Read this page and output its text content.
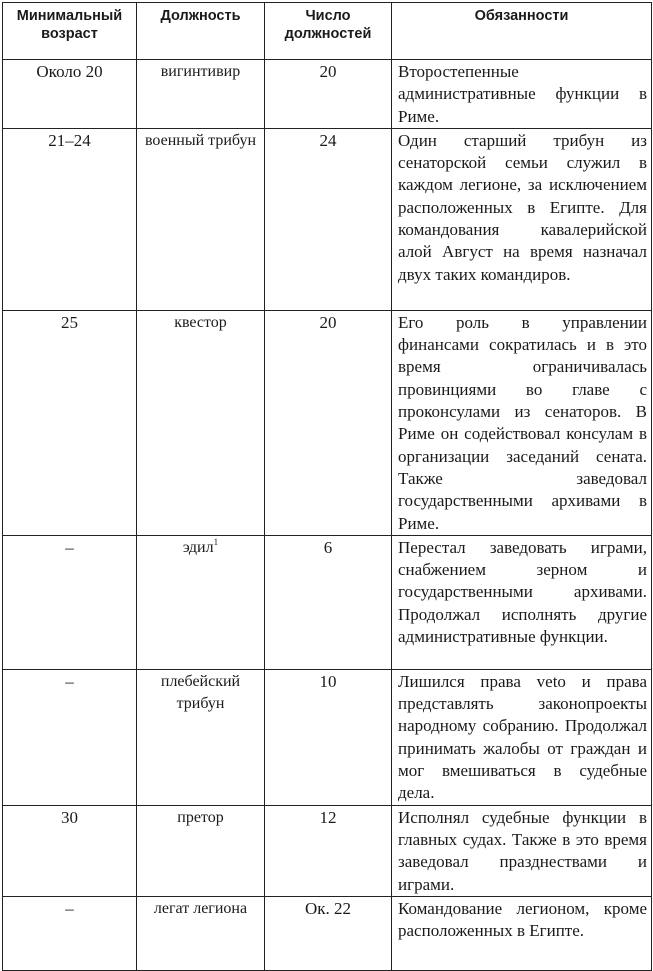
Минимальный возраст	Должность	Число должностей	Обязанности
Около 20	вигинтивир	20	Второстепенные административные функции в Риме.
21–24	военный трибун	24	Один старший трибун из сенаторской семьи служил в каждом легионе, за исключением расположенных в Египте. Для командования кавалерийской алой Август на время назначал двух таких командиров.
25	квестор	20	Его роль в управлении финансами сократилась и в это время ограничивалась провинциями во главе с проконсулами из сенаторов. В Риме он содействовал консулам в организации заседаний сената. Также заведовал государственными архивами в Риме.
–	эдил$^1$	6	Перестал заведовать играми, снабжением зерном и государственными архивами. Продолжал исполнять другие административные функции.
–	плебейский трибун	10	Лишился права veto и права представлять законопроекты народному собранию. Продолжал принимать жалобы от граждан и мог вмешиваться в судебные дела.
30	претор	12	Исполнял судебные функции в главных судах. Также в это время заведовал празднествами и играми.
–	легат легиона	Ок. 22	Командование легионом, кроме расположенных в Египте.
